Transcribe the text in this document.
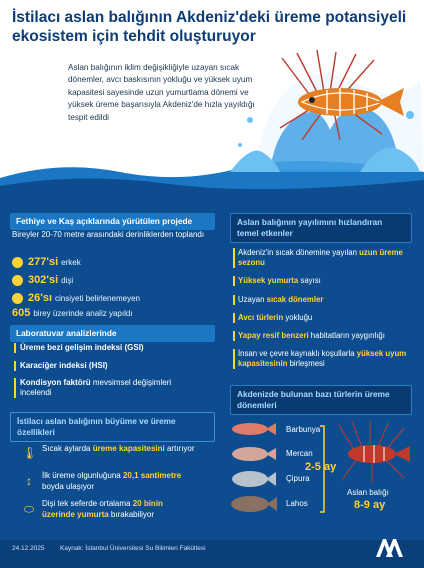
İstilacı aslan balığının Akdeniz'deki üreme potansiyeli ekosistem için tehdit oluşturuyor
Aslan balığının iklim değişikliğiyle uzayan sıcak dönemler, avcı baskısının yokluğu ve yüksek uyum kapasitesi sayesinde uzun yumurtlama dönemi ve yüksek üreme başarısıyla Akdeniz'de hızla yayıldığı tespit edildi
Fethiye ve Kaş açıklarında yürütülen projede
Bireyler 20-70 metre arasındaki derinliklerden toplandı
277'si erkek
302'si dişi
26'sı cinsiyeti belirlenemeyen
605 birey üzerinde analiz yapıldı
Laboratuvar analizlerinde
Üreme bezi gelişim indeksi (GSI)
Karaciğer indeksi (HSI)
Kondisyon faktörü mevsimsel değişimleri incelendi
İstilacı aslan balığının büyüme ve üreme özellikleri
🌡 Sıcak aylarda üreme kapasitesini artırıyor
↕	İlk üreme olgunluğuna 20,1 santimetre boyda ulaşıyor
⬭ Dişi tek seferde ortalama 20 binin üzerinde yumurta bırakabiliyor
Aslan balığının yayılımını hızlandıran temel etkenler
Akdeniz'in sıcak dönemine yayılan uzun üreme sezonu
Yüksek yumurta sayısı
Uzayan sıcak dönemler
Avcı türlerin yokluğu
Yapay resif benzeri habitatların yaygınlığı
İnsan ve çevre kaynaklı koşullarla yüksek uyum kapasitesinin birleşmesi
Akdenizde bulunan bazı türlerin üreme dönemleri
Barbunya
Mercan
Çipura
Lahos
2-5 ay
Aslan balığı
8-9 ay
24.12.2025 Kaynak: İstanbul Üniversitesi Su Bilimleri Fakültesi
